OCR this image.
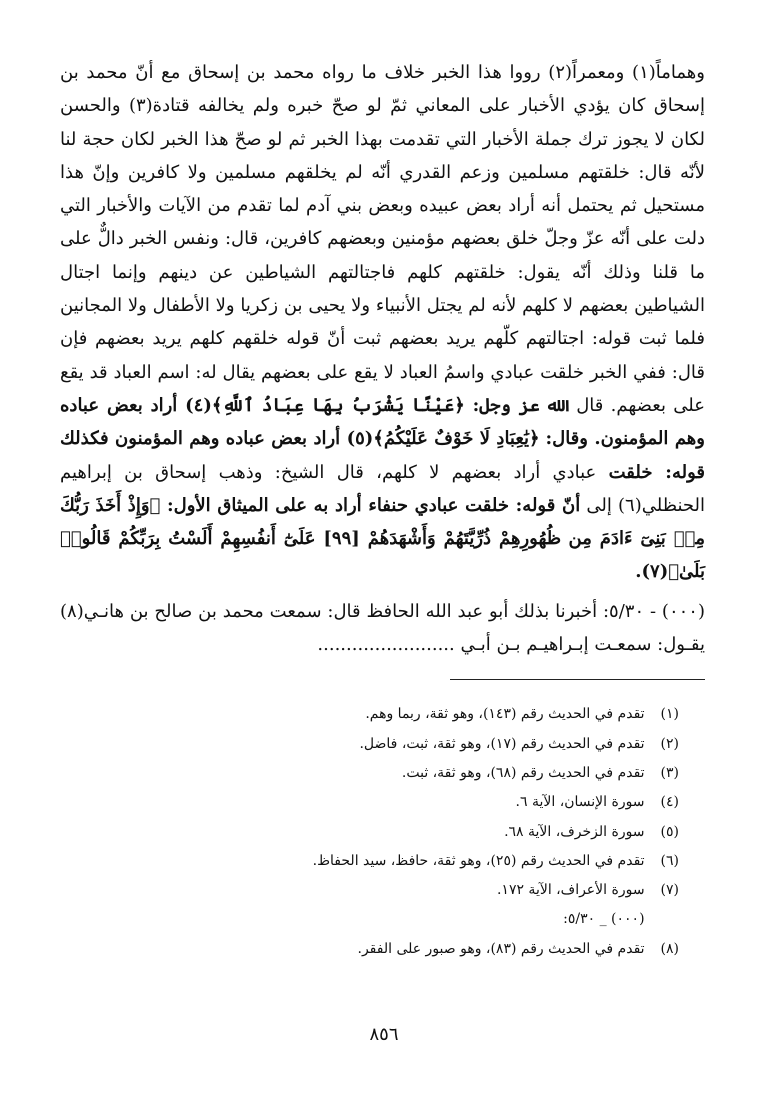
وهماماً(١) ومعمراً(٢) رووا هذا الخبر خلاف ما رواه محمد بن إسحاق مع أنّ محمد بن إسحاق كان يؤدي الأخبار على المعاني ثمّ لو صحّ خبره ولم يخالفه قتادة(٣) والحسن لكان لا يجوز ترك جملة الأخبار التي تقدمت بهذا الخبر ثم لو صحّ هذا الخبر لكان حجة لنا لأنّه قال: خلقتهم مسلمين وزعم القدري أنّه لم يخلقهم مسلمين ولا كافرين وإنّ هذا مستحيل ثم يحتمل أنه أراد بعض عبيده وبعض بني آدم لما تقدم من الآيات والأخبار التي دلت على أنّه عزّ وجلّ خلق بعضهم مؤمنين وبعضهم كافرين، قال: ونفس الخبر دالٌّ على ما قلنا وذلك أنّه يقول: خلقتهم كلهم فاجتالتهم الشياطين عن دينهم وإنما اجتال الشياطين بعضهم لا كلهم لأنه لم يجتل الأنبياء ولا يحيى بن زكريا ولا الأطفال ولا المجانين فلما ثبت قوله: اجتالتهم كلّهم يريد بعضهم ثبت أنّ قوله خلقهم كلهم يريد بعضهم فإن قال: ففي الخبر خلقت عبادي واسمُ العباد لا يقع على بعضهم يقال له: اسم العباد قد يقع على بعضهم. قال الله عز وجل: ﴿عَيْنًا يَشْرَبُ بِهَا عِبَادُ ٱللَّهِ﴾(٤) أراد بعض عباده وهم المؤمنون. وقال: ﴿يَٰعِبَادِ لَا خَوْفٌ عَلَيْكُمُ﴾(٥) أراد بعض عباده وهم المؤمنون فكذلك قوله: خلقت عبادي أراد بعضهم لا كلهم، قال الشيخ: وذهب إسحاق بن إبراهيم الحنظلي(٦) إلى أنّ قوله: خلقت عبادي حنفاء أراد به على الميثاق الأول: ﴿وَإِذْ أَخَذَ رَبُّكَ مِنۢ بَنِىٓ ءَادَمَ مِن ظُهُورِهِمْ ذُرِّيَّتَهُمْ وَأَشْهَدَهُمْ [٩٩] عَلَىٰٓ أَنفُسِهِمْ أَلَسْتُ بِرَبِّكُمْ قَالُوا۟ بَلَىٰ﴾(٧).

(٠٠٠) - ٥/٣٠: أخبرنا بذلك أبو عبد الله الحافظ قال: سمعت محمد بن صالح بن هانـي(٨) يقـول: سمعـت إبـراهيـم بـن أبـي ........................

(١) تقدم في الحديث رقم (١٤٣)، وهو ثقة، ربما وهم.
(٢) تقدم في الحديث رقم (١٧)، وهو ثقة، ثبت، فاضل.
(٣) تقدم في الحديث رقم (٦٨)، وهو ثقة، ثبت.
(٤) سورة الإنسان، الآية ٦.
(٥) سورة الزخرف، الآية ٦٨.
(٦) تقدم في الحديث رقم (٢٥)، وهو ثقة، حافظ، سيد الحفاظ.
(٧) سورة الأعراف، الآية ١٧٢.
(٠٠٠) _ ٥/٣٠:
(٨) تقدم في الحديث رقم (٨٣)، وهو صبور على الفقر.
٨٥٦
